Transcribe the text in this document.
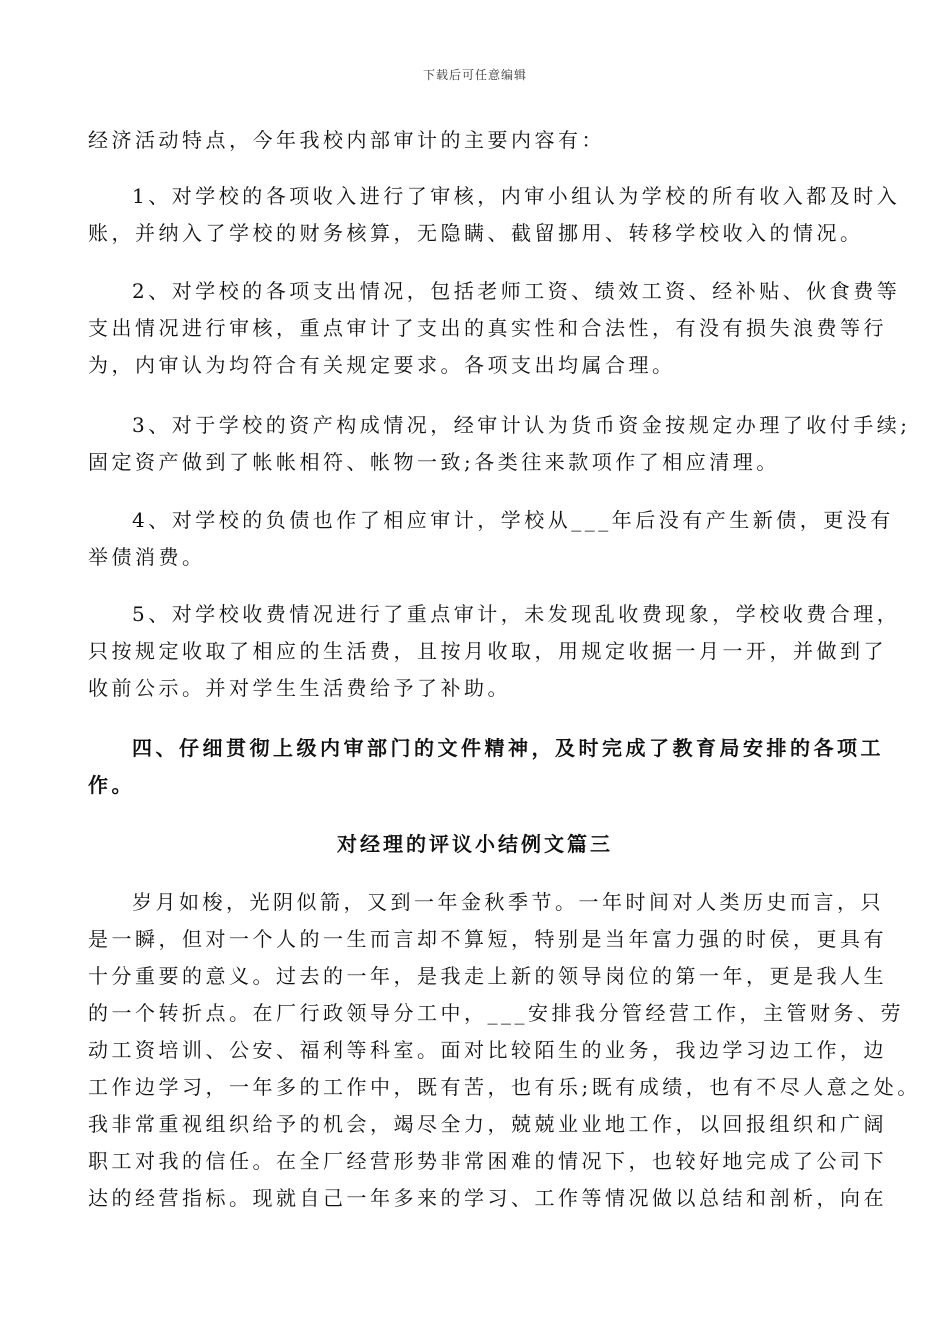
下载后可任意编辑
经济活动特点，今年我校内部审计的主要内容有：
1、对学校的各项收入进行了审核，内审小组认为学校的所有收入都及时入
账，并纳入了学校的财务核算，无隐瞒、截留挪用、转移学校收入的情况。
2、对学校的各项支出情况，包括老师工资、绩效工资、经补贴、伙食费等
支出情况进行审核，重点审计了支出的真实性和合法性，有没有损失浪费等行
为，内审认为均符合有关规定要求。各项支出均属合理。
3、对于学校的资产构成情况，经审计认为货币资金按规定办理了收付手续;
固定资产做到了帐帐相符、帐物一致;各类往来款项作了相应清理。
4、对学校的负债也作了相应审计，学校从___年后没有产生新债，更没有
举债消费。
5、对学校收费情况进行了重点审计，未发现乱收费现象，学校收费合理，
只按规定收取了相应的生活费，且按月收取，用规定收据一月一开，并做到了
收前公示。并对学生生活费给予了补助。
四、仔细贯彻上级内审部门的文件精神，及时完成了教育局安排的各项工
作。
对经理的评议小结例文篇三
岁月如梭，光阴似箭，又到一年金秋季节。一年时间对人类历史而言，只
是一瞬，但对一个人的一生而言却不算短，特别是当年富力强的时侯，更具有
十分重要的意义。过去的一年，是我走上新的领导岗位的第一年，更是我人生
的一个转折点。在厂行政领导分工中，___安排我分管经营工作，主管财务、劳
动工资培训、公安、福利等科室。面对比较陌生的业务，我边学习边工作，边
工作边学习，一年多的工作中，既有苦，也有乐;既有成绩，也有不尽人意之处。
我非常重视组织给予的机会，竭尽全力，兢兢业业地工作，以回报组织和广阔
职工对我的信任。在全厂经营形势非常困难的情况下，也较好地完成了公司下
达的经营指标。现就自己一年多来的学习、工作等情况做以总结和剖析，向在
